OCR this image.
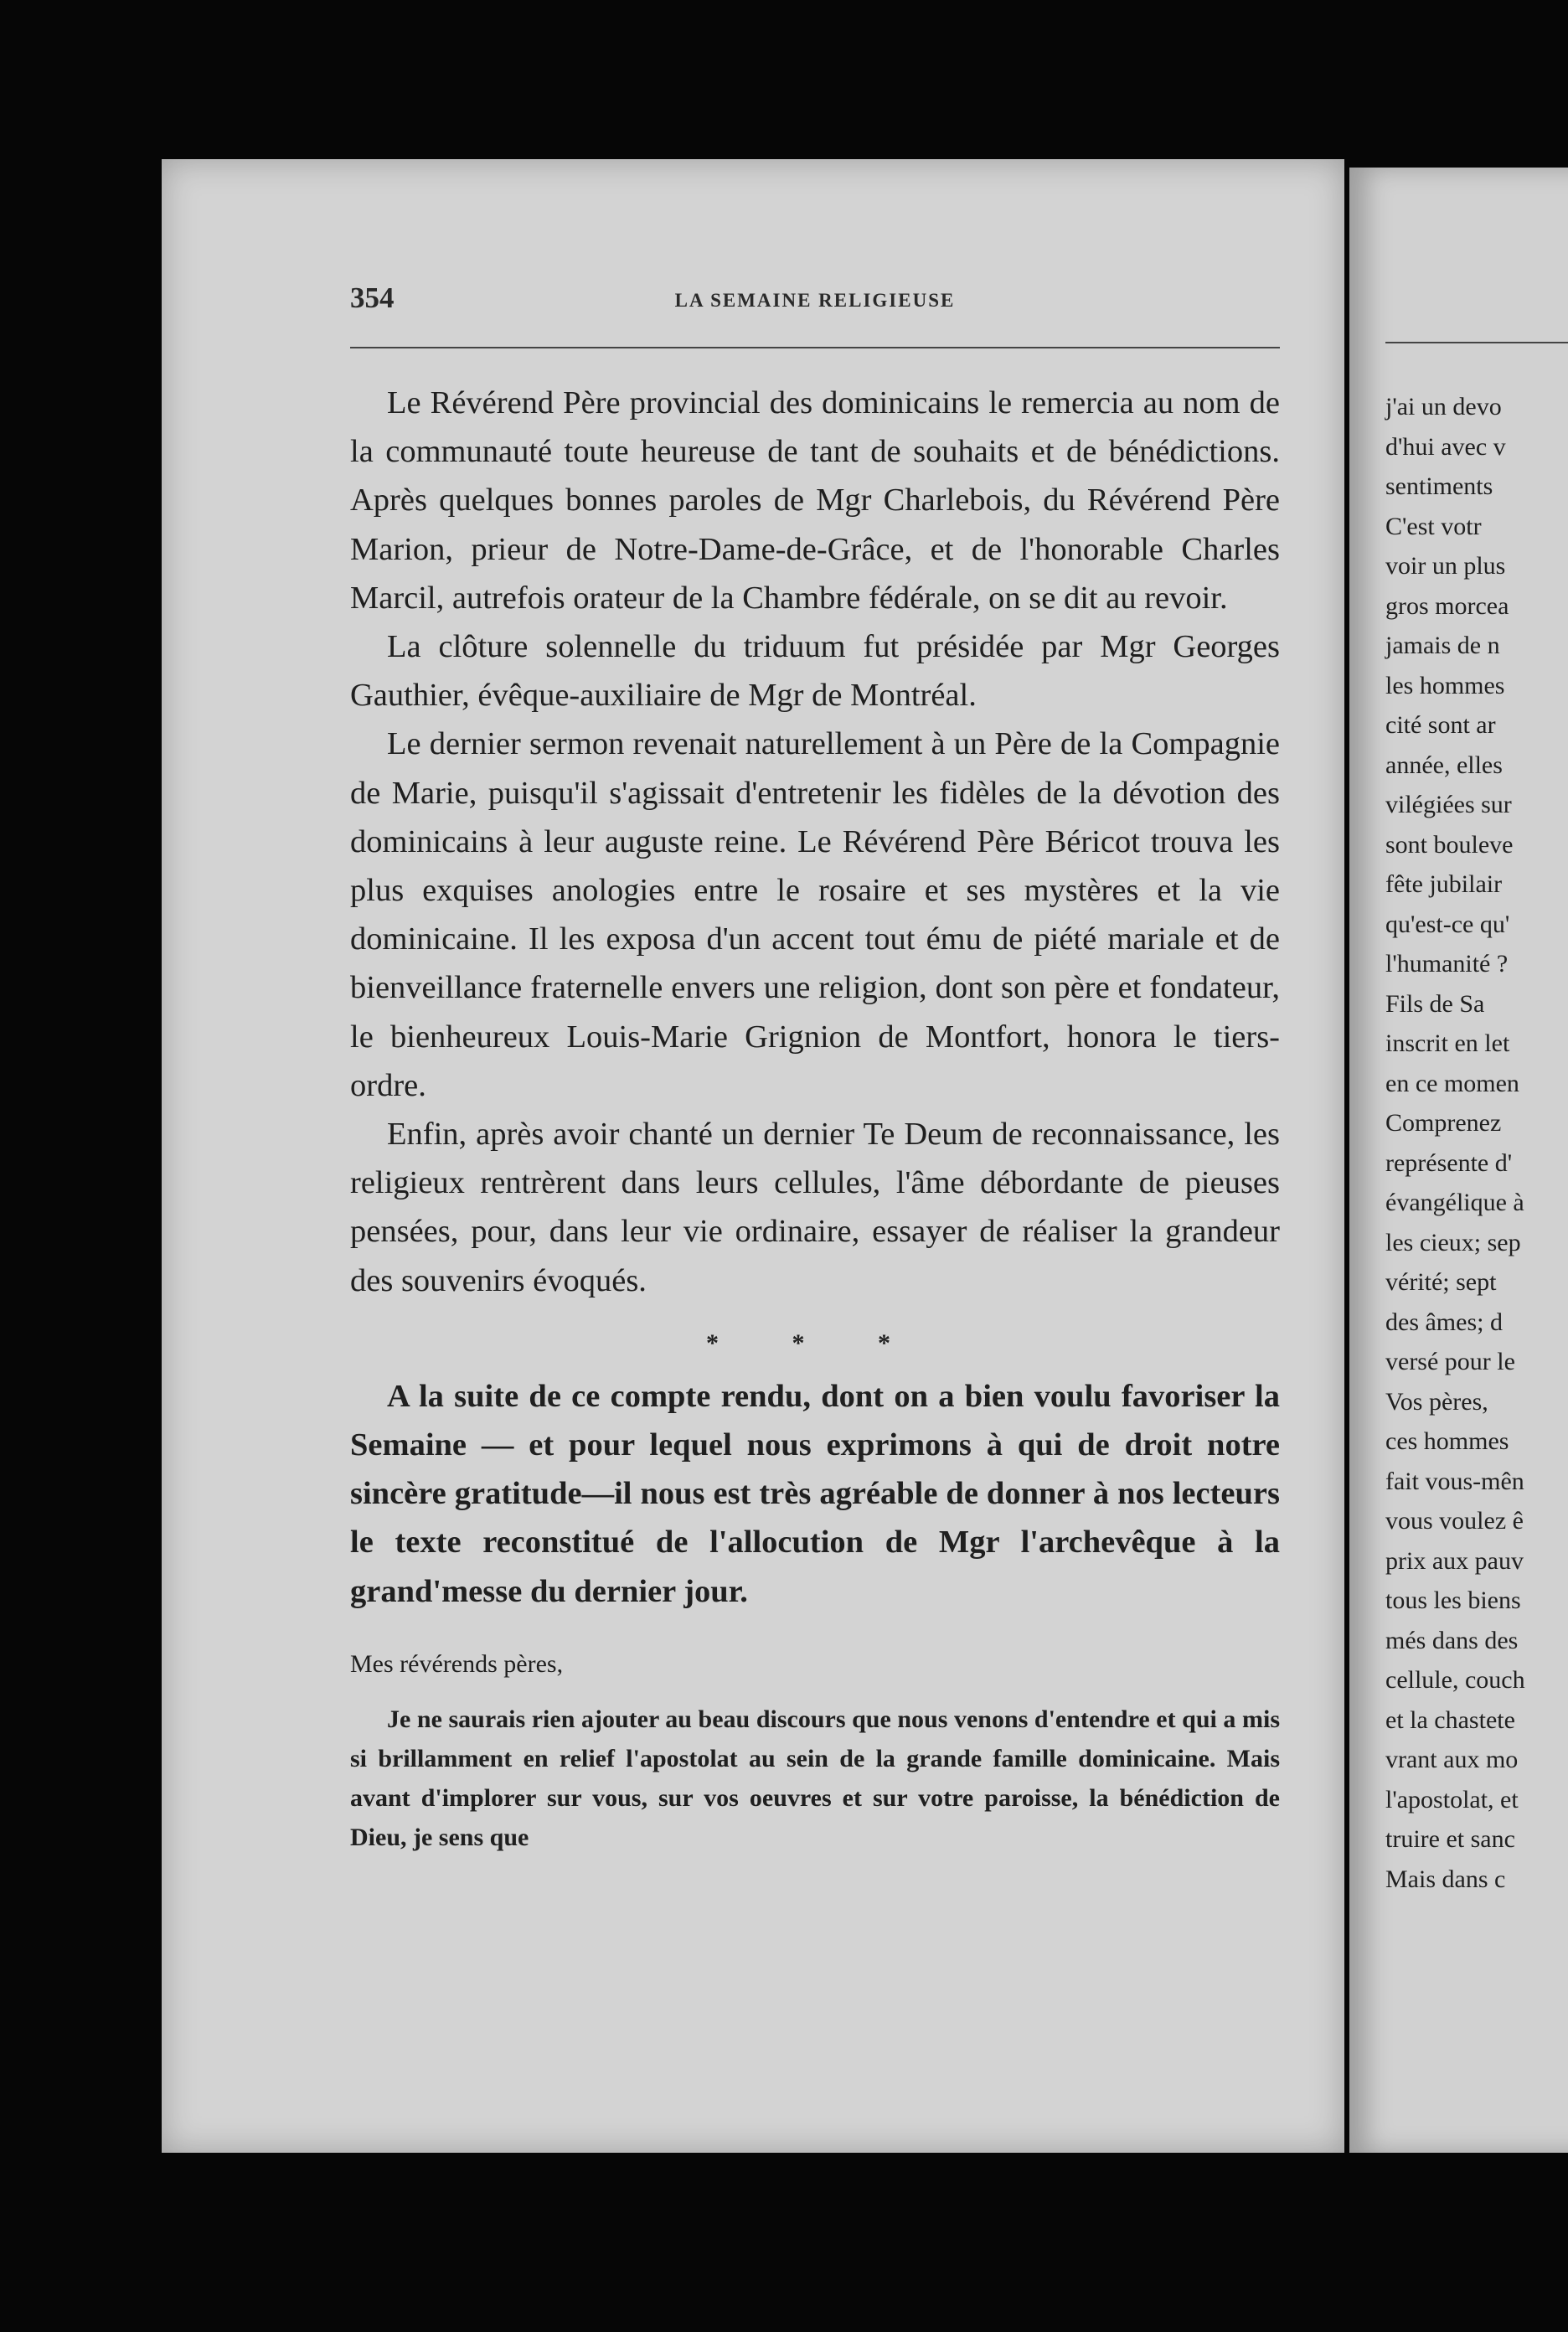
354	LA SEMAINE RELIGIEUSE

Le Révérend Père provincial des dominicains le remercia au nom de la communauté toute heureuse de tant de souhaits et de bénédictions. Après quelques bonnes paroles de Mgr Charlebois, du Révérend Père Marion, prieur de Notre-Dame-de-Grâce, et de l'honorable Charles Marcil, autrefois orateur de la Chambre fédérale, on se dit au revoir.

La clôture solennelle du triduum fut présidée par Mgr Georges Gauthier, évêque-auxiliaire de Mgr de Montréal.

Le dernier sermon revenait naturellement à un Père de la Compagnie de Marie, puisqu'il s'agissait d'entretenir les fidèles de la dévotion des dominicains à leur auguste reine. Le Révérend Père Béricot trouva les plus exquises anologies entre le rosaire et ses mystères et la vie dominicaine. Il les exposa d'un accent tout ému de piété mariale et de bienveillance fraternelle envers une religion, dont son père et fondateur, le bienheureux Louis-Marie Grignion de Montfort, honora le tiers-ordre.

Enfin, après avoir chanté un dernier Te Deum de reconnaissance, les religieux rentrèrent dans leurs cellules, l'âme débordante de pieuses pensées, pour, dans leur vie ordinaire, essayer de réaliser la grandeur des souvenirs évoqués.

* * *

A la suite de ce compte rendu, dont on a bien voulu favoriser la Semaine — et pour lequel nous exprimons à qui de droit notre sincère gratitude—il nous est très agréable de donner à nos lecteurs le texte reconstitué de l'allocution de Mgr l'archevêque à la grand'messe du dernier jour.

Mes révérends pères,

Je ne saurais rien ajouter au beau discours que nous venons d'entendre et qui a mis si brillamment en relief l'apostolat au sein de la grande famille dominicaine. Mais avant d'implorer sur vous, sur vos oeuvres et sur votre paroisse, la bénédiction de Dieu, je sens que

j'ai un devo
d'hui avec v
sentiments
C'est votr
voir un plus
gros morcea
jamais de n
les hommes
cité sont ar
année, elles
vilégiées sur
sont bouleve
fête jubilair
qu'est-ce qu'
l'humanité ?
Fils de Sa
inscrit en let
en ce momen
Comprenez
représente d'
évangélique à
les cieux; sep
vérité; sept
des âmes; d
versé pour le
Vos pères,
ces hommes
fait vous-mên
vous voulez ê
prix aux pauv
tous les biens
més dans des
cellule, couch
et la chastete
vrant aux mo
l'apostolat, et
truire et sanc
Mais dans c
